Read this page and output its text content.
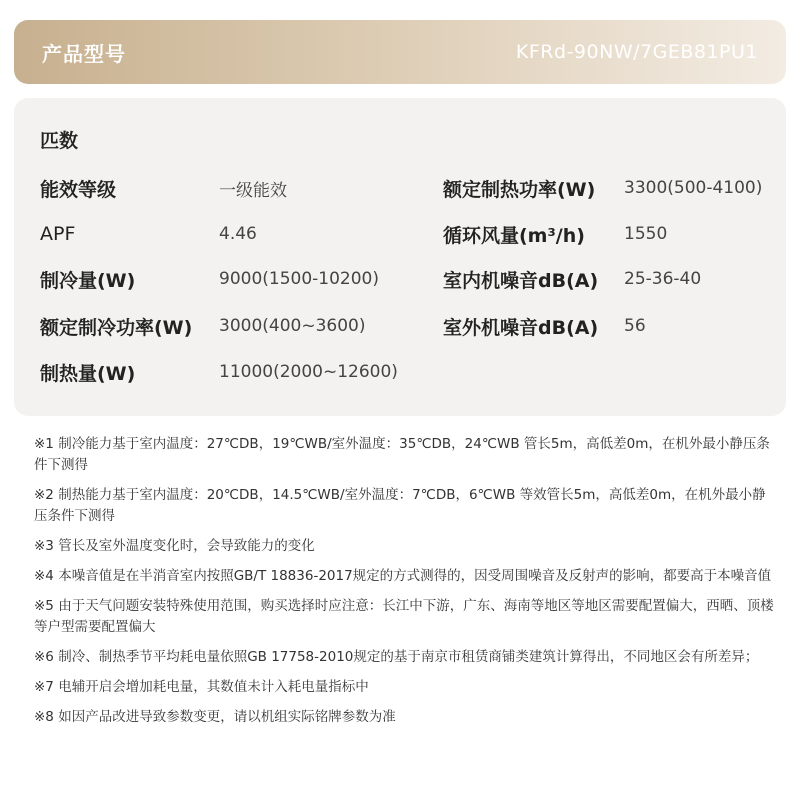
产品型号	KFRd-90NW/7GEB81PU1
匹数
能效等级	一级能效	额定制热功率(W) 3300(500-4100)
APF	4.46	循环风量(m³/h) 1550
制冷量(W)	9000(1500-10200)	室内机噪音dB(A) 25-36-40
额定制冷功率(W) 3000(400~3600)	室外机噪音dB(A) 56
制热量(W)	11000(2000~12600)

※1 制冷能力基于室内温度：27℃DB，19℃WB/室外温度：35℃DB，24℃WB 管长5m，高低差0m，在机外最小静压条件下测得

※2 制热能力基于室内温度：20℃DB，14.5℃WB/室外温度：7℃DB，6℃WB 等效管长5m，高低差0m，在机外最小静压条件下测得

※3 管长及室外温度变化时，会导致能力的变化

※4 本噪音值是在半消音室内按照GB/T 18836-2017规定的方式测得的，因受周围噪音及反射声的影响，都要高于本噪音值

※5 由于天气问题安装特殊使用范围，购买选择时应注意：长江中下游，广东、海南等地区等地区需要配置偏大，西晒、顶楼等户型需要配置偏大

※6 制冷、制热季节平均耗电量依照GB 17758-2010规定的基于南京市租赁商铺类建筑计算得出，不同地区会有所差异；

※7 电辅开启会增加耗电量，其数值未计入耗电量指标中

※8 如因产品改进导致参数变更，请以机组实际铭牌参数为准
